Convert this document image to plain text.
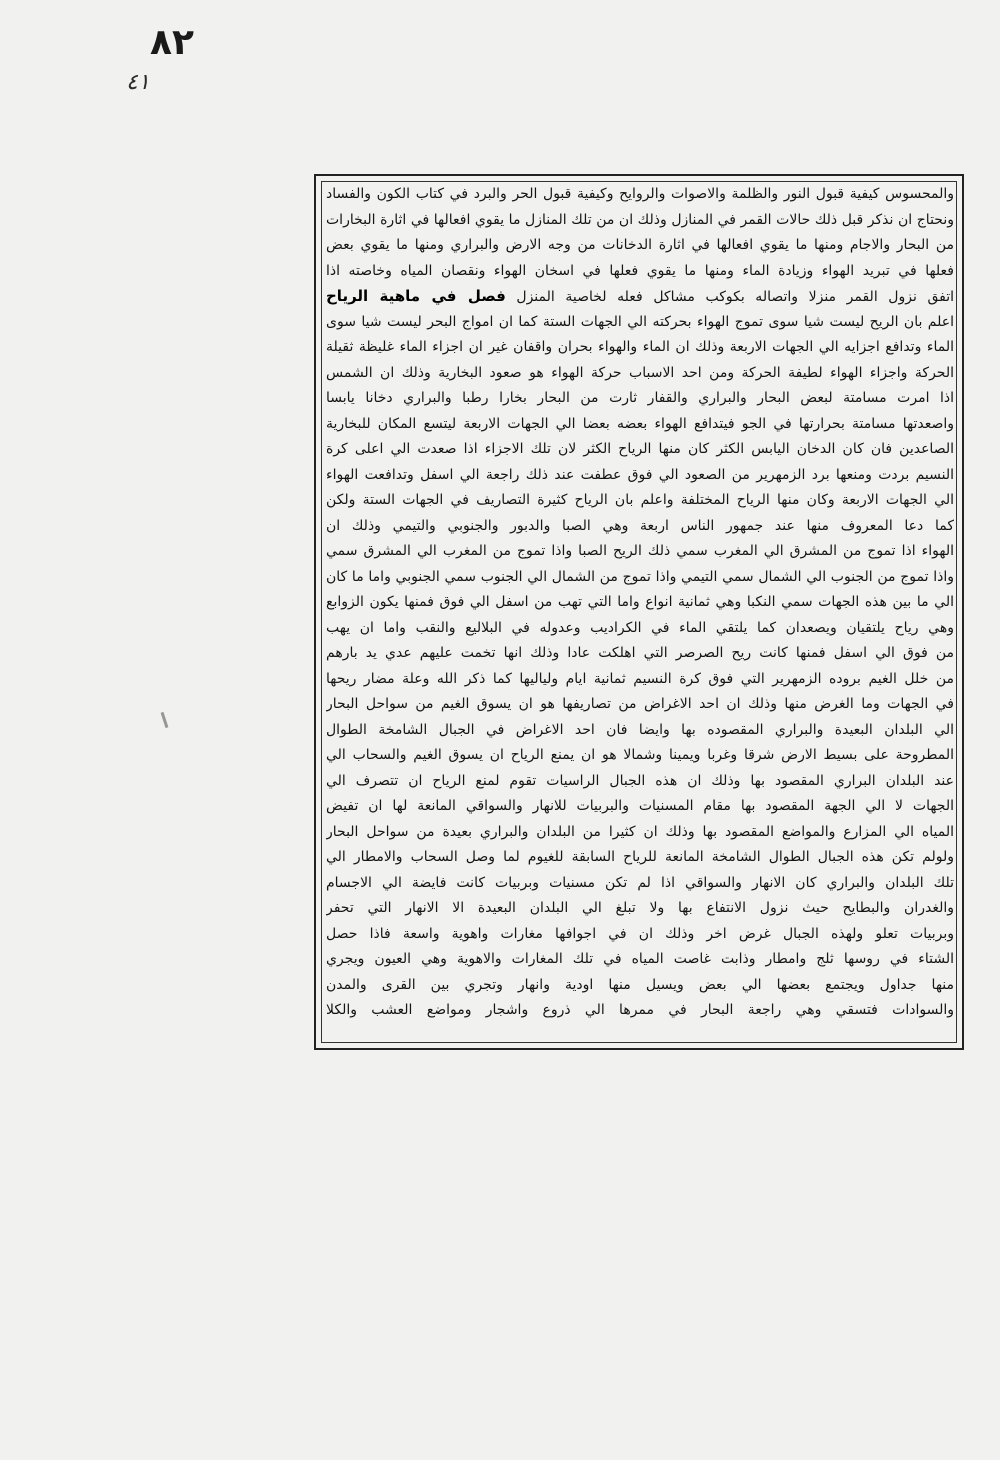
٨٢
٤١
والمحسوس كيفية قبول النور والظلمة والاصوات والروايح وكيفية قبول الحر والبرد في كتاب الكون والفساد
ونحتاج ان نذكر قبل ذلك حالات القمر في المنازل وذلك ان من تلك المنازل ما يقوي افعالها في اثارة البخارات
من البحار والاجام ومنها ما يقوي افعالها في اثارة الدخانات من وجه الارض والبراري ومنها ما يقوي بعض
فعلها في تبريد الهواء وزيادة الماء ومنها ما يقوي فعلها في اسخان الهواء ونقصان المياه وخاصته اذا
اتفق نزول القمر منزلا واتصاله بكوكب مشاكل فعله لخاصية المنزل فصل في ماهية الرياح
اعلم بان الريح ليست شيا سوى تموج الهواء بحركته الي الجهات الستة كما ان امواج البحر ليست شيا سوى
الماء وتدافع اجزايه الي الجهات الاربعة وذلك ان الماء والهواء بحران واقفان غير ان اجزاء الماء غليظة ثقيلة
الحركة واجزاء الهواء لطيفة الحركة ومن احد الاسباب حركة الهواء هو صعود البخارية وذلك ان الشمس
اذا امرت مسامتة لبعض البحار والبراري والقفار ثارت من البحار بخارا رطبا والبراري دخانا يابسا
واصعدتها مسامتة بحرارتها في الجو فيتدافع الهواء بعضه بعضا الي الجهات الاربعة ليتسع المكان للبخارية
الصاعدين فان كان الدخان اليابس الكثر كان منها الرياح الكثر لان تلك الاجزاء اذا صعدت الي اعلى كرة
النسيم بردت ومنعها برد الزمهرير من الصعود الي فوق عطفت عند ذلك راجعة الي اسفل وتدافعت الهواء
الي الجهات الاربعة وكان منها الرياح المختلفة واعلم بان الرياح كثيرة التصاريف في الجهات الستة ولكن
كما دعا المعروف منها عند جمهور الناس اربعة وهي الصبا والدبور والجنوبي والتيمي وذلك ان
الهواء اذا تموج من المشرق الي المغرب سمي ذلك الريح الصبا واذا تموج من المغرب الي المشرق سمي
واذا تموج من الجنوب الي الشمال سمي التيمي واذا تموج من الشمال الي الجنوب سمي الجنوبي واما ما كان
الي ما بين هذه الجهات سمي النكبا وهي ثمانية انواع واما التي تهب من اسفل الي فوق فمنها يكون الزوابع
وهي رياح يلتقيان ويصعدان كما يلتقي الماء في الكراديب وعدوله في البلاليع والنقب واما ان يهب
من فوق الي اسفل فمنها كانت ريح الصرصر التي اهلكت عادا وذلك انها تخمت عليهم عدي يد بارهم
من خلل الغيم بروده الزمهرير التي فوق كرة النسيم ثمانية ايام ولياليها كما ذكر الله وعلة مضار ريحها
في الجهات وما الغرض منها وذلك ان احد الاغراض من تصاريفها هو ان يسوق الغيم من سواحل البحار
الي البلدان البعيدة والبراري المقصوده بها وايضا فان احد الاغراض في الجبال الشامخة الطوال
المطروحة على بسيط الارض شرقا وغربا ويمينا وشمالا هو ان يمنع الرياح ان يسوق الغيم والسحاب الي
عند البلدان البراري المقصود بها وذلك ان هذه الجبال الراسيات تقوم لمنع الرياح ان تتصرف الي
الجهات لا الي الجهة المقصود بها مقام المسنيات والبربيات للانهار والسواقي المانعة لها ان تفيض
المياه الي المزارع والمواضع المقصود بها وذلك ان كثيرا من البلدان والبراري بعيدة من سواحل البحار
ولولم تكن هذه الجبال الطوال الشامخة المانعة للرياح السابقة للغيوم لما وصل السحاب والامطار الي
تلك البلدان والبراري كان الانهار والسواقي اذا لم تكن مسنيات وبربيات كانت فايضة الي الاجسام
والغدران والبطايح حيث نزول الانتفاع بها ولا تبلغ الي البلدان البعيدة الا الانهار التي تحفر
وبربيات تعلو ولهذه الجبال غرض اخر وذلك ان في اجوافها مغارات واهوية واسعة فاذا حصل
الشتاء في روسها ثلج وامطار وذابت غاصت المياه في تلك المغارات والاهوية وهي العيون ويجري
منها جداول ويجتمع بعضها الي بعض ويسيل منها اودية وانهار وتجري بين القرى والمدن
والسوادات فتسقي وهي راجعة البحار في ممرها الي ذروع واشجار ومواضع العشب والكلا
